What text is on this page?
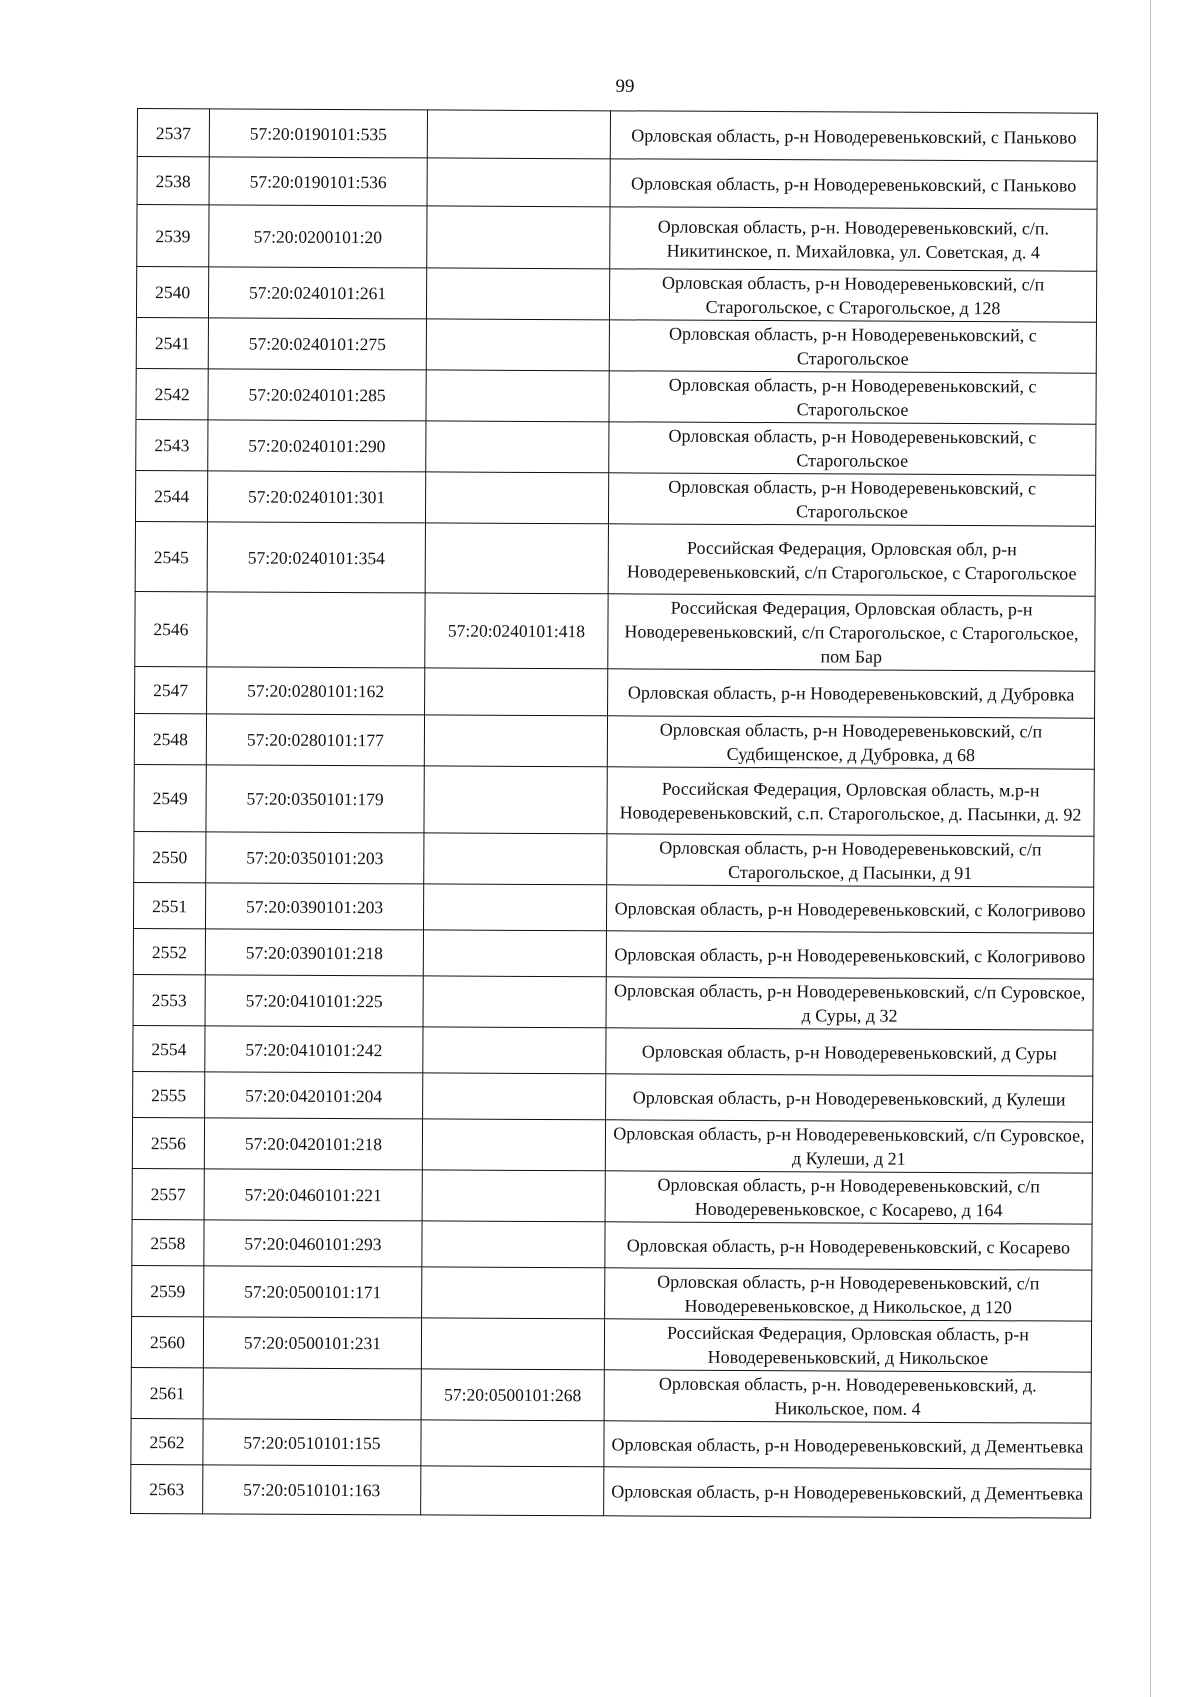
99
2537	57:20:0190101:535		Орловская область, р-н Новодеревеньковский, с Паньково
2538	57:20:0190101:536		Орловская область, р-н Новодеревеньковский, с Паньково
2539	57:20:0200101:20		Орловская область, р-н. Новодеревеньковский, с/п. Никитинское, п. Михайловка, ул. Советская, д. 4
2540	57:20:0240101:261		Орловская область, р-н Новодеревеньковский, с/п Старогольское, с Старогольское, д 128
2541	57:20:0240101:275		Орловская область, р-н Новодеревеньковский, с Старогольское
2542	57:20:0240101:285		Орловская область, р-н Новодеревеньковский, с Старогольское
2543	57:20:0240101:290		Орловская область, р-н Новодеревеньковский, с Старогольское
2544	57:20:0240101:301		Орловская область, р-н Новодеревеньковский, с Старогольское
2545	57:20:0240101:354		Российская Федерация, Орловская обл, р-н Новодеревеньковский, с/п Старогольское, с Старогольское
2546		57:20:0240101:418	Российская Федерация, Орловская область, р-н Новодеревеньковский, с/п Старогольское, с Старогольское, пом Бар
2547	57:20:0280101:162		Орловская область, р-н Новодеревеньковский, д Дубровка
2548	57:20:0280101:177		Орловская область, р-н Новодеревеньковский, с/п Судбищенское, д Дубровка, д 68
2549	57:20:0350101:179		Российская Федерация, Орловская область, м.р-н Новодеревеньковский, с.п. Старогольское, д. Пасынки, д. 92
2550	57:20:0350101:203		Орловская область, р-н Новодеревеньковский, с/п Старогольское, д Пасынки, д 91
2551	57:20:0390101:203		Орловская область, р-н Новодеревеньковский, с Кологривово
2552	57:20:0390101:218		Орловская область, р-н Новодеревеньковский, с Кологривово
2553	57:20:0410101:225		Орловская область, р-н Новодеревеньковский, с/п Суровское, д Суры, д 32
2554	57:20:0410101:242		Орловская область, р-н Новодеревеньковский, д Суры
2555	57:20:0420101:204		Орловская область, р-н Новодеревеньковский, д Кулеши
2556	57:20:0420101:218		Орловская область, р-н Новодеревеньковский, с/п Суровское, д Кулеши, д 21
2557	57:20:0460101:221		Орловская область, р-н Новодеревеньковский, с/п Новодеревеньковское, с Косарево, д 164
2558	57:20:0460101:293		Орловская область, р-н Новодеревеньковский, с Косарево
2559	57:20:0500101:171		Орловская область, р-н Новодеревеньковский, с/п Новодеревеньковское, д Никольское, д 120
2560	57:20:0500101:231		Российская Федерация, Орловская область, р-н Новодеревеньковский, д Никольское
2561		57:20:0500101:268	Орловская область, р-н. Новодеревеньковский, д. Никольское, пом. 4
2562	57:20:0510101:155		Орловская область, р-н Новодеревеньковский, д Дементьевка
2563	57:20:0510101:163		Орловская область, р-н Новодеревеньковский, д Дементьевка
